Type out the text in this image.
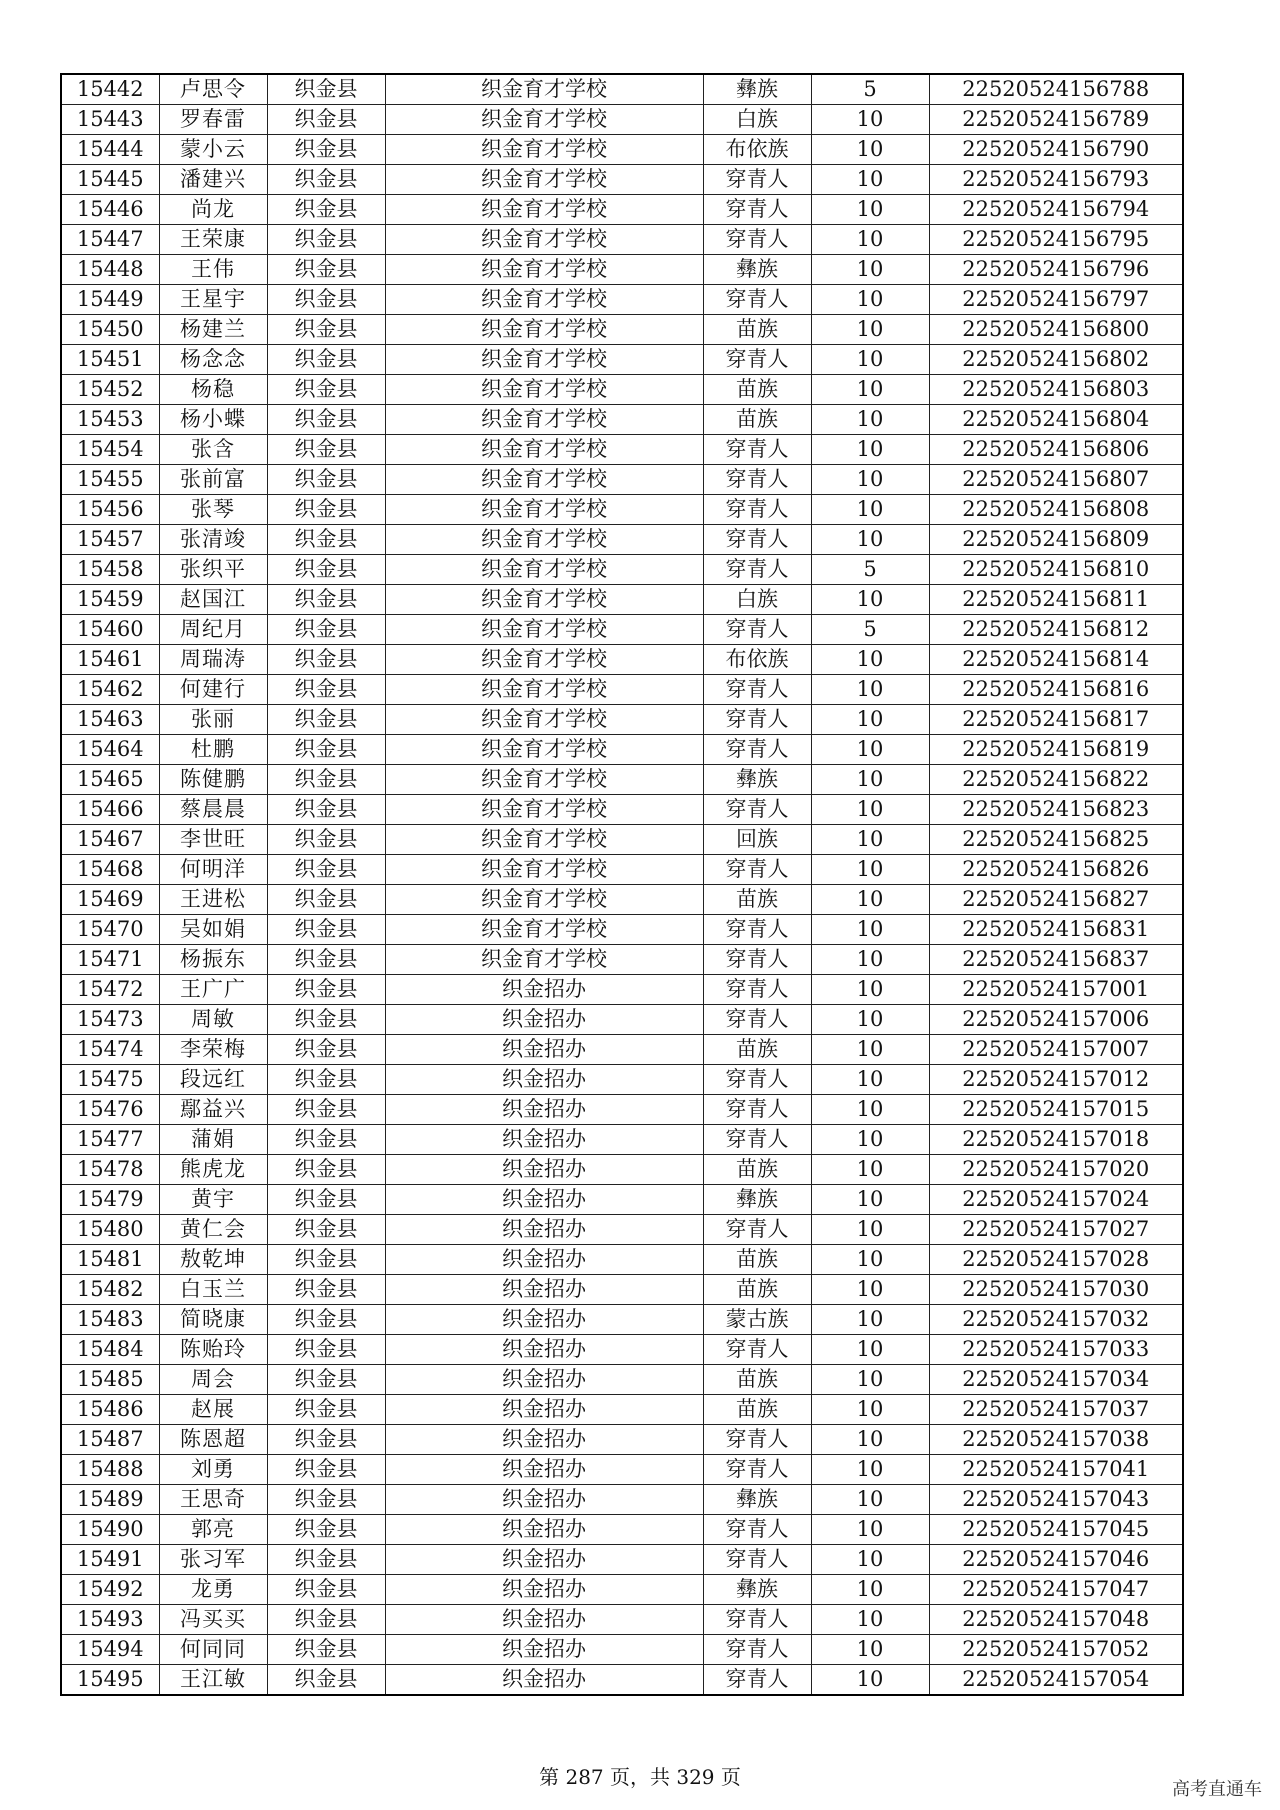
15442	卢思令	织金县	织金育才学校	彝族	5	22520524156788
15443	罗春雷	织金县	织金育才学校	白族	10	22520524156789
15444	蒙小云	织金县	织金育才学校	布依族	10	22520524156790
15445	潘建兴	织金县	织金育才学校	穿青人	10	22520524156793
15446	尚龙	织金县	织金育才学校	穿青人	10	22520524156794
15447	王荣康	织金县	织金育才学校	穿青人	10	22520524156795
15448	王伟	织金县	织金育才学校	彝族	10	22520524156796
15449	王星宇	织金县	织金育才学校	穿青人	10	22520524156797
15450	杨建兰	织金县	织金育才学校	苗族	10	22520524156800
15451	杨念念	织金县	织金育才学校	穿青人	10	22520524156802
15452	杨稳	织金县	织金育才学校	苗族	10	22520524156803
15453	杨小蝶	织金县	织金育才学校	苗族	10	22520524156804
15454	张含	织金县	织金育才学校	穿青人	10	22520524156806
15455	张前富	织金县	织金育才学校	穿青人	10	22520524156807
15456	张琴	织金县	织金育才学校	穿青人	10	22520524156808
15457	张清竣	织金县	织金育才学校	穿青人	10	22520524156809
15458	张织平	织金县	织金育才学校	穿青人	5	22520524156810
15459	赵国江	织金县	织金育才学校	白族	10	22520524156811
15460	周纪月	织金县	织金育才学校	穿青人	5	22520524156812
15461	周瑞涛	织金县	织金育才学校	布依族	10	22520524156814
15462	何建行	织金县	织金育才学校	穿青人	10	22520524156816
15463	张丽	织金县	织金育才学校	穿青人	10	22520524156817
15464	杜鹏	织金县	织金育才学校	穿青人	10	22520524156819
15465	陈健鹏	织金县	织金育才学校	彝族	10	22520524156822
15466	蔡晨晨	织金县	织金育才学校	穿青人	10	22520524156823
15467	李世旺	织金县	织金育才学校	回族	10	22520524156825
15468	何明洋	织金县	织金育才学校	穿青人	10	22520524156826
15469	王进松	织金县	织金育才学校	苗族	10	22520524156827
15470	吴如娟	织金县	织金育才学校	穿青人	10	22520524156831
15471	杨振东	织金县	织金育才学校	穿青人	10	22520524156837
15472	王广广	织金县	织金招办	穿青人	10	22520524157001
15473	周敏	织金县	织金招办	穿青人	10	22520524157006
15474	李荣梅	织金县	织金招办	苗族	10	22520524157007
15475	段远红	织金县	织金招办	穿青人	10	22520524157012
15476	鄢益兴	织金县	织金招办	穿青人	10	22520524157015
15477	蒲娟	织金县	织金招办	穿青人	10	22520524157018
15478	熊虎龙	织金县	织金招办	苗族	10	22520524157020
15479	黄宇	织金县	织金招办	彝族	10	22520524157024
15480	黄仁会	织金县	织金招办	穿青人	10	22520524157027
15481	敖乾坤	织金县	织金招办	苗族	10	22520524157028
15482	白玉兰	织金县	织金招办	苗族	10	22520524157030
15483	简晓康	织金县	织金招办	蒙古族	10	22520524157032
15484	陈贻玲	织金县	织金招办	穿青人	10	22520524157033
15485	周会	织金县	织金招办	苗族	10	22520524157034
15486	赵展	织金县	织金招办	苗族	10	22520524157037
15487	陈恩超	织金县	织金招办	穿青人	10	22520524157038
15488	刘勇	织金县	织金招办	穿青人	10	22520524157041
15489	王思奇	织金县	织金招办	彝族	10	22520524157043
15490	郭亮	织金县	织金招办	穿青人	10	22520524157045
15491	张习军	织金县	织金招办	穿青人	10	22520524157046
15492	龙勇	织金县	织金招办	彝族	10	22520524157047
15493	冯买买	织金县	织金招办	穿青人	10	22520524157048
15494	何同同	织金县	织金招办	穿青人	10	22520524157052
15495	王江敏	织金县	织金招办	穿青人	10	22520524157054
第 287 页，共 329 页
高考直通车
